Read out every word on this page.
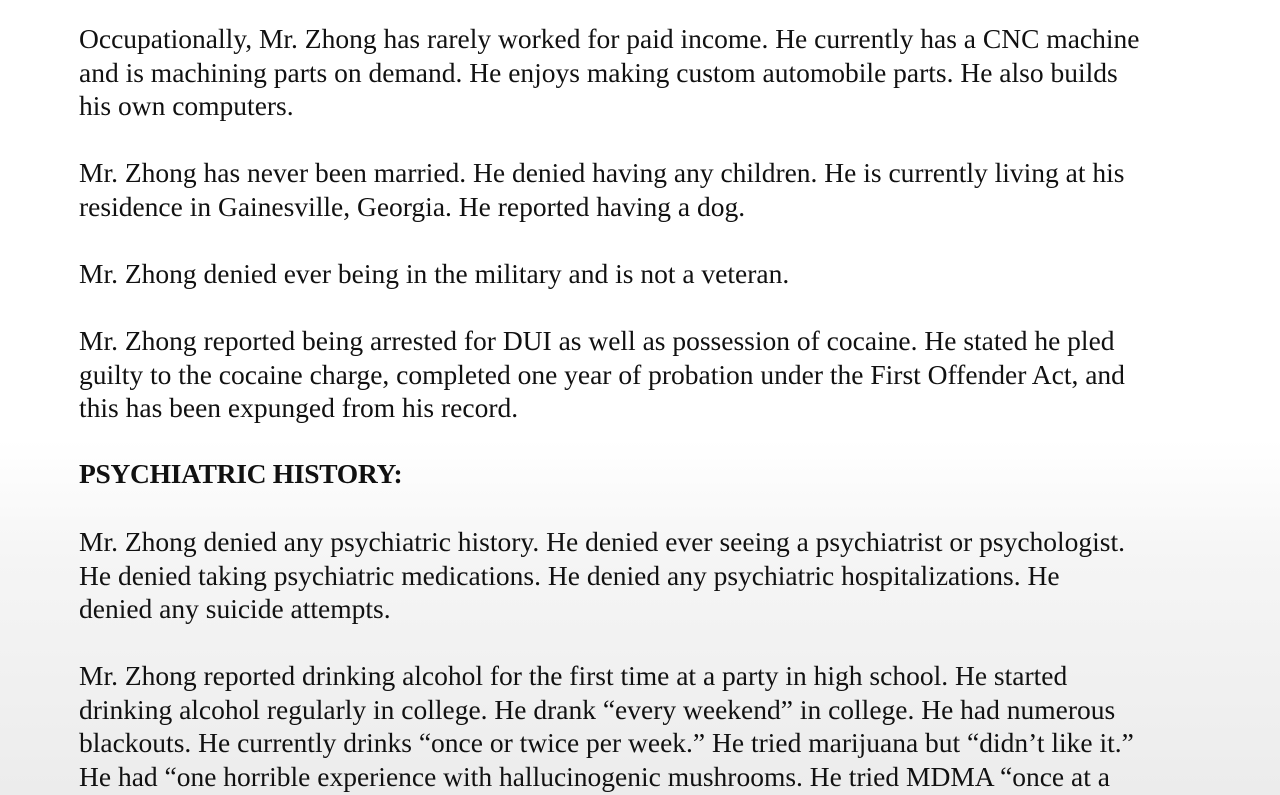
Occupationally, Mr. Zhong has rarely worked for paid income. He currently has a CNC machine
and is machining parts on demand. He enjoys making custom automobile parts. He also builds
his own computers.

Mr. Zhong has never been married. He denied having any children. He is currently living at his
residence in Gainesville, Georgia. He reported having a dog.

Mr. Zhong denied ever being in the military and is not a veteran.

Mr. Zhong reported being arrested for DUI as well as possession of cocaine. He stated he pled
guilty to the cocaine charge, completed one year of probation under the First Offender Act, and
this has been expunged from his record.

PSYCHIATRIC HISTORY:

Mr. Zhong denied any psychiatric history. He denied ever seeing a psychiatrist or psychologist.
He denied taking psychiatric medications. He denied any psychiatric hospitalizations. He
denied any suicide attempts.

Mr. Zhong reported drinking alcohol for the first time at a party in high school. He started
drinking alcohol regularly in college. He drank “every weekend” in college. He had numerous
blackouts. He currently drinks “once or twice per week.” He tried marijuana but “didn’t like it.”
He had “one horrible experience with hallucinogenic mushrooms. He tried MDMA “once at a
